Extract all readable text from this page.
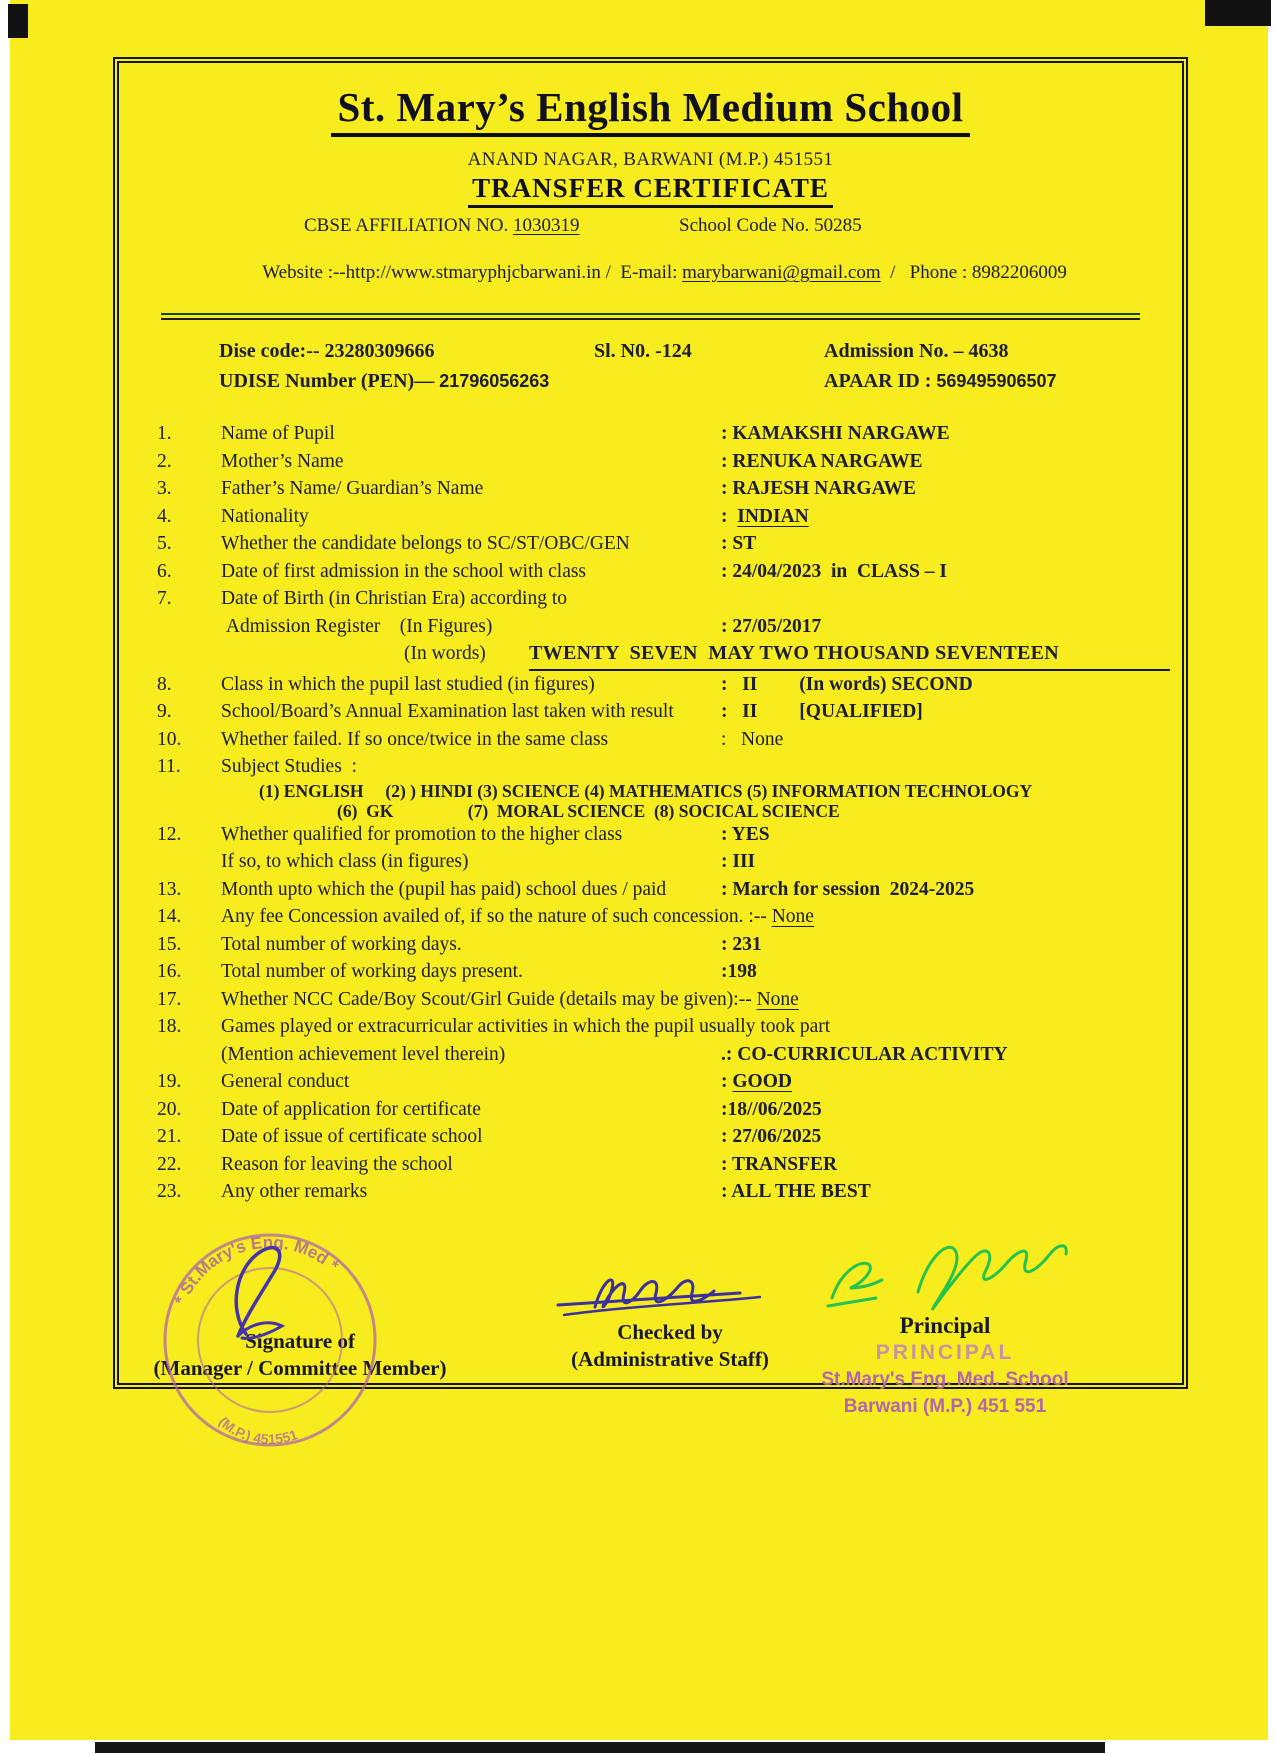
St. Mary’s English Medium School
ANAND NAGAR, BARWANI (M.P.) 451551
TRANSFER CERTIFICATE
CBSE AFFILIATION NO. 1030319	School Code No. 50285

Website :--http://www.stmaryphjcbarwani.in /  E-mail: marybarwani@gmail.com  /   Phone : 8982206009

Dise code:-- 23280309666	Sl. N0. -124	Admission No. – 4638
UDISE Number (PEN)— 21796056263	APAAR ID : 569495906507
1.	Name of Pupil	: KAMAKSHI NARGAWE
2.	Mother’s Name	: RENUKA NARGAWE
3.	Father’s Name/ Guardian’s Name	: RAJESH NARGAWE
4.	Nationality	:  INDIAN
5.	Whether the candidate belongs to SC/ST/OBC/GEN	: ST
6.	Date of first admission in the school with class	: 24/04/2023  in  CLASS – I
7.	Date of Birth (in Christian Era) according to
Admission Register    (In Figures)	: 27/05/2017
(In words)	TWENTY  SEVEN  MAY TWO THOUSAND SEVENTEEN
8.	Class in which the pupil last studied (in figures)	:   II (In words) SECOND
9.	School/Board’s Annual Examination last taken with result	:   II [QUALIFIED]
10.	Whether failed. If so once/twice in the same class	:   None
11.	Subject Studies  :
(1) ENGLISH     (2) ) HINDI (3) SCIENCE (4) MATHEMATICS (5) INFORMATION TECHNOLOGY
(6)  GK                 (7)  MORAL SCIENCE  (8) SOCICAL SCIENCE
12.	Whether qualified for promotion to the higher class	: YES
If so, to which class (in figures)	: III
13.	Month upto which the (pupil has paid) school dues / paid	: March for session  2024-2025
14.	Any fee Concession availed of, if so the nature of such concession. :-- None
15.	Total number of working days.	: 231
16.	Total number of working days present.	:198
17.	Whether NCC Cade/Boy Scout/Girl Guide (details may be given):-- None
18.	Games played or extracurricular activities in which the pupil usually took part
(Mention achievement level therein)	.: CO-CURRICULAR ACTIVITY
19.	General conduct	: GOOD
20.	Date of application for certificate	:18//06/2025
21.	Date of issue of certificate school	: 27/06/2025
22.	Reason for leaving the school	: TRANSFER
23.	Any other remarks	: ALL THE BEST
* St.Mary's Eng. Med *
(M.P.) 451551
Signature of
(Manager / Committee Member)
Checked by
(Administrative Staff)
Principal
PRINCIPAL
St.Mary's Eng. Med. School
Barwani (M.P.) 451 551
